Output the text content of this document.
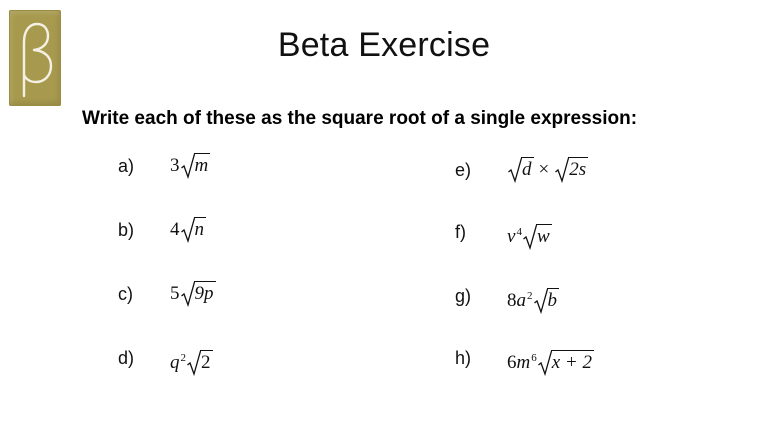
Beta Exercise
Write each of these as the square root of a single expression:
a) 3 m
b) 4 n
c) 5 9p
d) $q^2$ 2
e)	d × 2s
f) $v^4$ w
g) $8a^2$ b
h) $6m^6$ x + 2
